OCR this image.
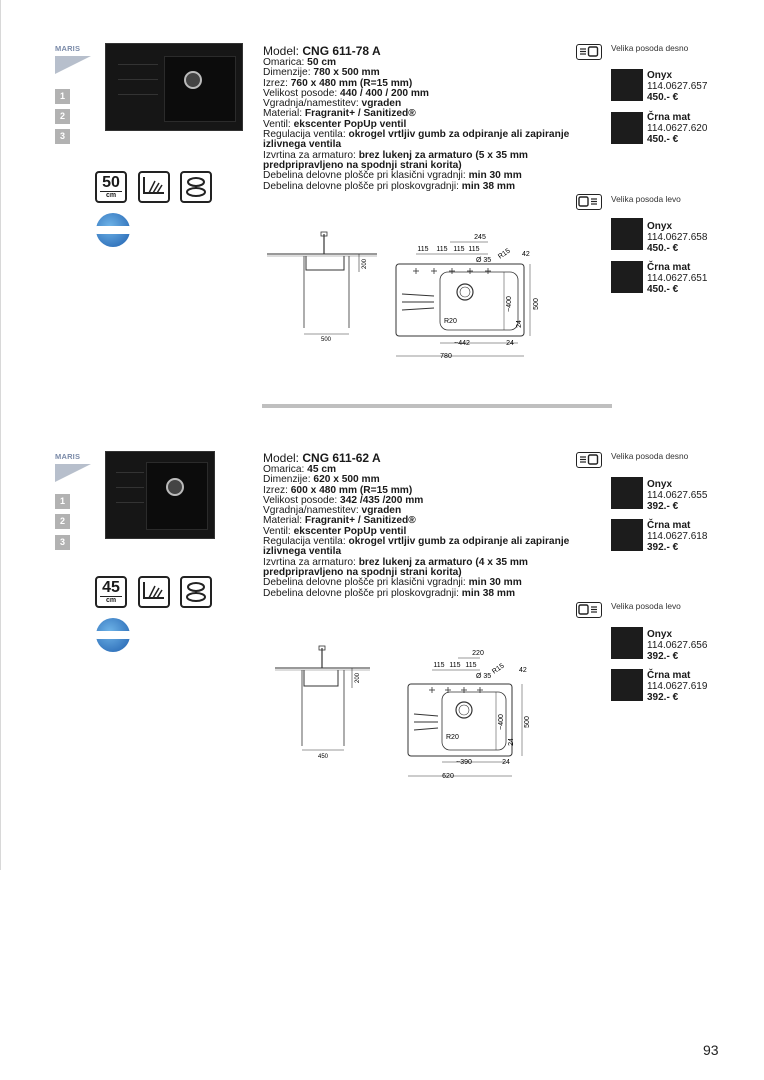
MARIS
1
2
3
50
cm
Model: CNG 611-78 A
Omarica: 50 cm
Dimenzije: 780 x 500 mm
Izrez: 760 x 480 mm (R=15 mm)
Velikost posode: 440 / 400 / 200 mm
Vgradnja/namestitev: vgraden
Material: Fragranit+ / Sanitized®
Ventil: ekscenter PopUp ventil
Regulacija ventila: okrogel vrtljiv gumb za odpiranje ali zapiranje izlivnega ventila
Izvrtina za armaturo: brez lukenj za armaturo (5 x 35 mm predpripravljeno na spodnji strani korita)
Debelina delovne plošče pri klasični vgradnji: min 30 mm
Debelina delovne plošče pri ploskovgradnji: min 38 mm
Velika posoda desno
Onyx
114.0627.657
450.- €
Črna mat
114.0627.620
450.- €
Velika posoda levo
Onyx
114.0627.658
450.- €
Črna mat
114.0627.651
450.- €
500
200
245
115 115 115 115	R15 42
Ø 35
~400	500
R20	24
~442	24
780
MARIS
1
2
3
45
cm
Model: CNG 611-62 A
Omarica: 45 cm
Dimenzije: 620 x 500 mm
Izrez: 600 x 480 mm (R=15 mm)
Velikost posode: 342 /435 /200 mm
Vgradnja/namestitev: vgraden
Material: Fragranit+ / Sanitized®
Ventil: ekscenter PopUp ventil
Regulacija ventila: okrogel vrtljiv gumb za odpiranje ali zapiranje izlivnega ventila
Izvrtina za armaturo: brez lukenj za armaturo (4 x 35 mm predpripravljeno na spodnji strani korita)
Debelina delovne plošče pri klasični vgradnji: min 30 mm
Debelina delovne plošče pri ploskovgradnji: min 38 mm
Velika posoda desno
Onyx
114.0627.655
392.- €
Črna mat
114.0627.618
392.- €
Velika posoda levo
Onyx
114.0627.656
392.- €
Črna mat
114.0627.619
392.- €
450
200
220
115 115 115 R15 42
Ø 35
~400	500
R20
24
~390	24
620
93
